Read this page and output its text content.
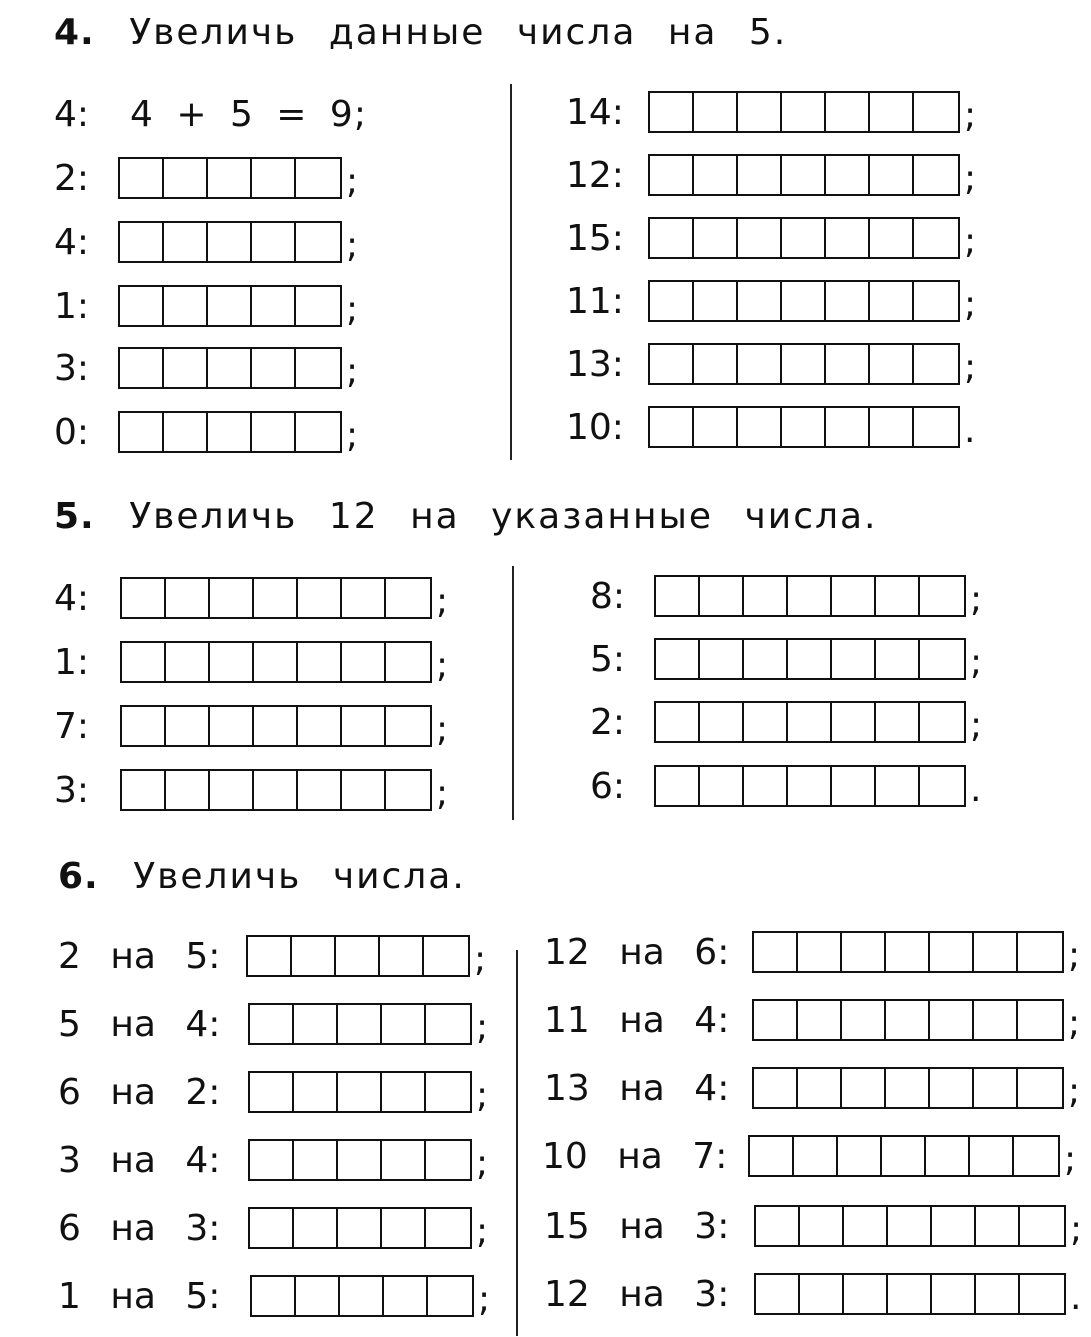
4. Увеличь данные числа на 5.
4:	4 + 5 = 9;
2:	;
4:	;
1:	;
3:	;
0:	;
14:	;
12:	;
15:	;
11:	;
13:	;
10:	.
5. Увеличь 12 на указанные числа.
4:	;
1:	;
7:	;
3:	;
8:	;
5:	;
2:	;
6:	.
6. Увеличь числа.
2 на 5:	;
5 на 4:	;
6 на 2:	;
3 на 4:	;
6 на 3:	;
1 на 5:	;
12 на 6:	;
11 на 4:	;
13 на 4:	;
10 на 7:	;
15 на 3:	;
12 на 3:	.
